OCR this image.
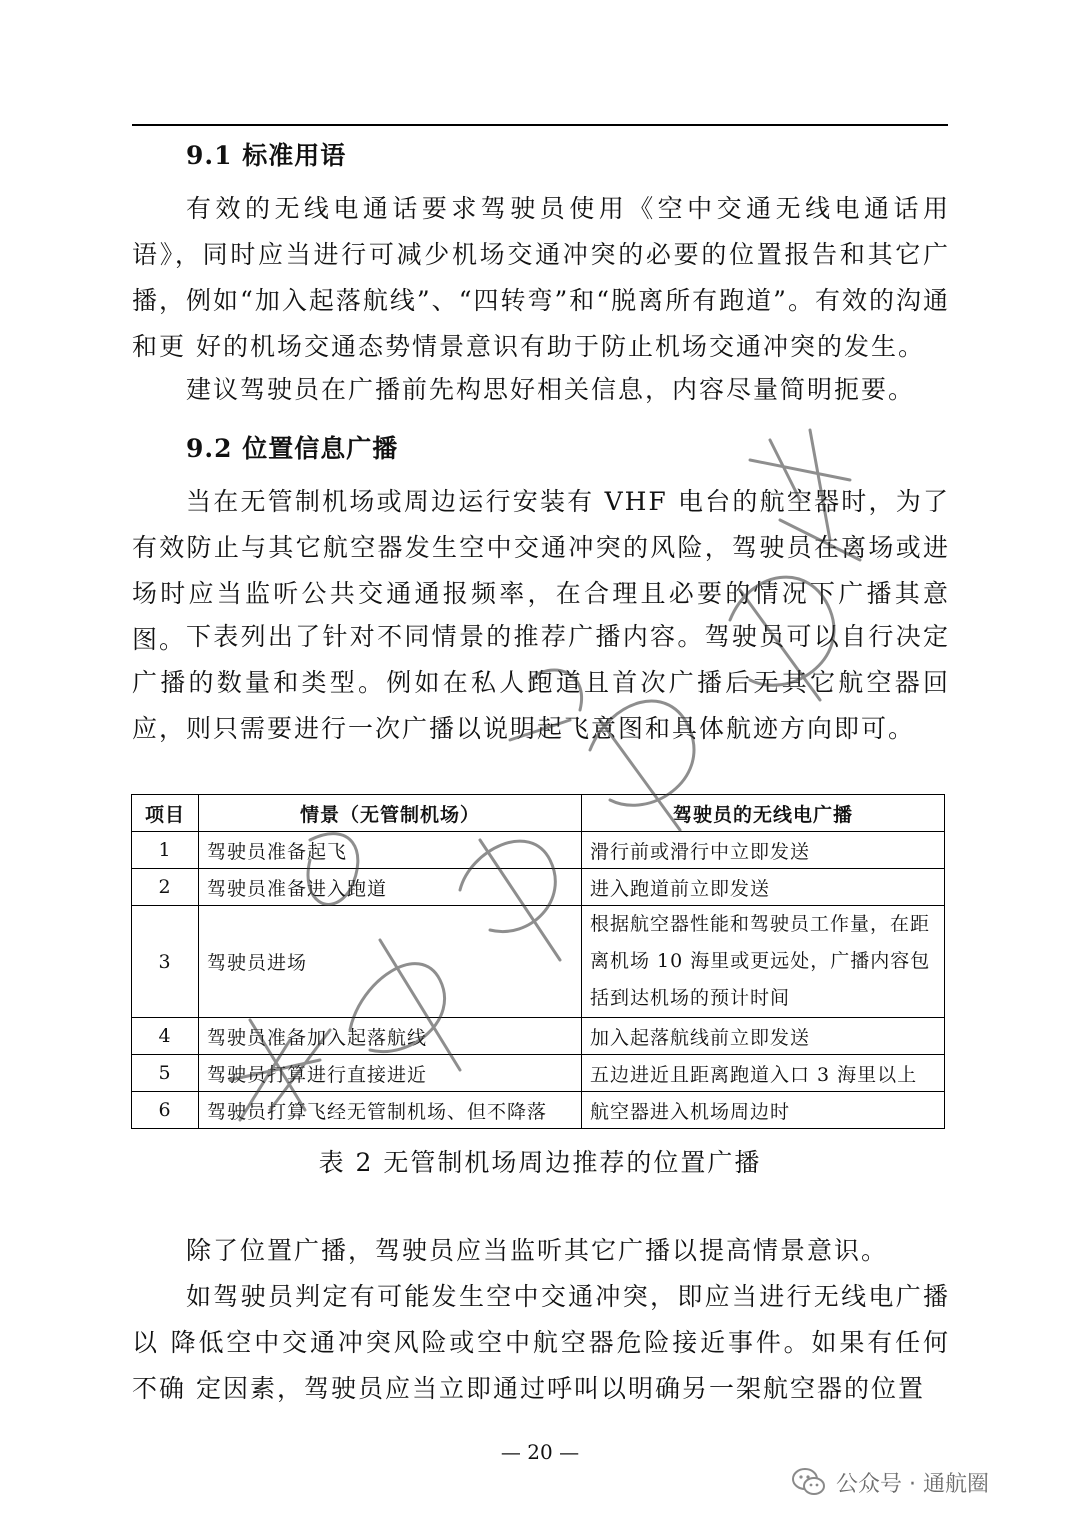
9.1 标准用语
有效的无线电通话要求驾驶员使用《空中交通无线电通话用语》，同时应当进行可减少机场交通冲突的必要的位置报告和其它广播，例如“加入起落航线”、“四转弯”和“脱离所有跑道”。有效的沟通和更 好的机场交通态势情景意识有助于防止机场交通冲突的发生。
建议驾驶员在广播前先构思好相关信息，内容尽量简明扼要。
9.2 位置信息广播
当在无管制机场或周边运行安装有 VHF 电台的航空器时，为了有效防止与其它航空器发生空中交通冲突的风险，驾驶员在离场或进场时应当监听公共交通通报频率，在合理且必要的情况下广播其意图。 下表列出了针对不同情景的推荐广播内容。驾驶员可以自行决定广播的数量和类型。例如在私人跑道且首次广播后无其它航空器回应，则只需要进行一次广播以说明起飞意图和具体航迹方向即可。
项目	情景（无管制机场）	驾驶员的无线电广播
1	驾驶员准备起飞	滑行前或滑行中立即发送
2	驾驶员准备进入跑道	进入跑道前立即发送
3	驾驶员进场	根据航空器性能和驾驶员工作量，在距离机场 10 海里或更远处，广播内容包括到达机场的预计时间
4	驾驶员准备加入起落航线	加入起落航线前立即发送
5	驾驶员打算进行直接进近	五边进近且距离跑道入口 3 海里以上
6	驾驶员打算飞经无管制机场、但不降落	航空器进入机场周边时
表 2 无管制机场周边推荐的位置广播
除了位置广播，驾驶员应当监听其它广播以提高情景意识。
如驾驶员判定有可能发生空中交通冲突，即应当进行无线电广播以 降低空中交通冲突风险或空中航空器危险接近事件。如果有任何不确 定因素，驾驶员应当立即通过呼叫以明确另一架航空器的位置
— 20 —
公众号 · 通航圈
